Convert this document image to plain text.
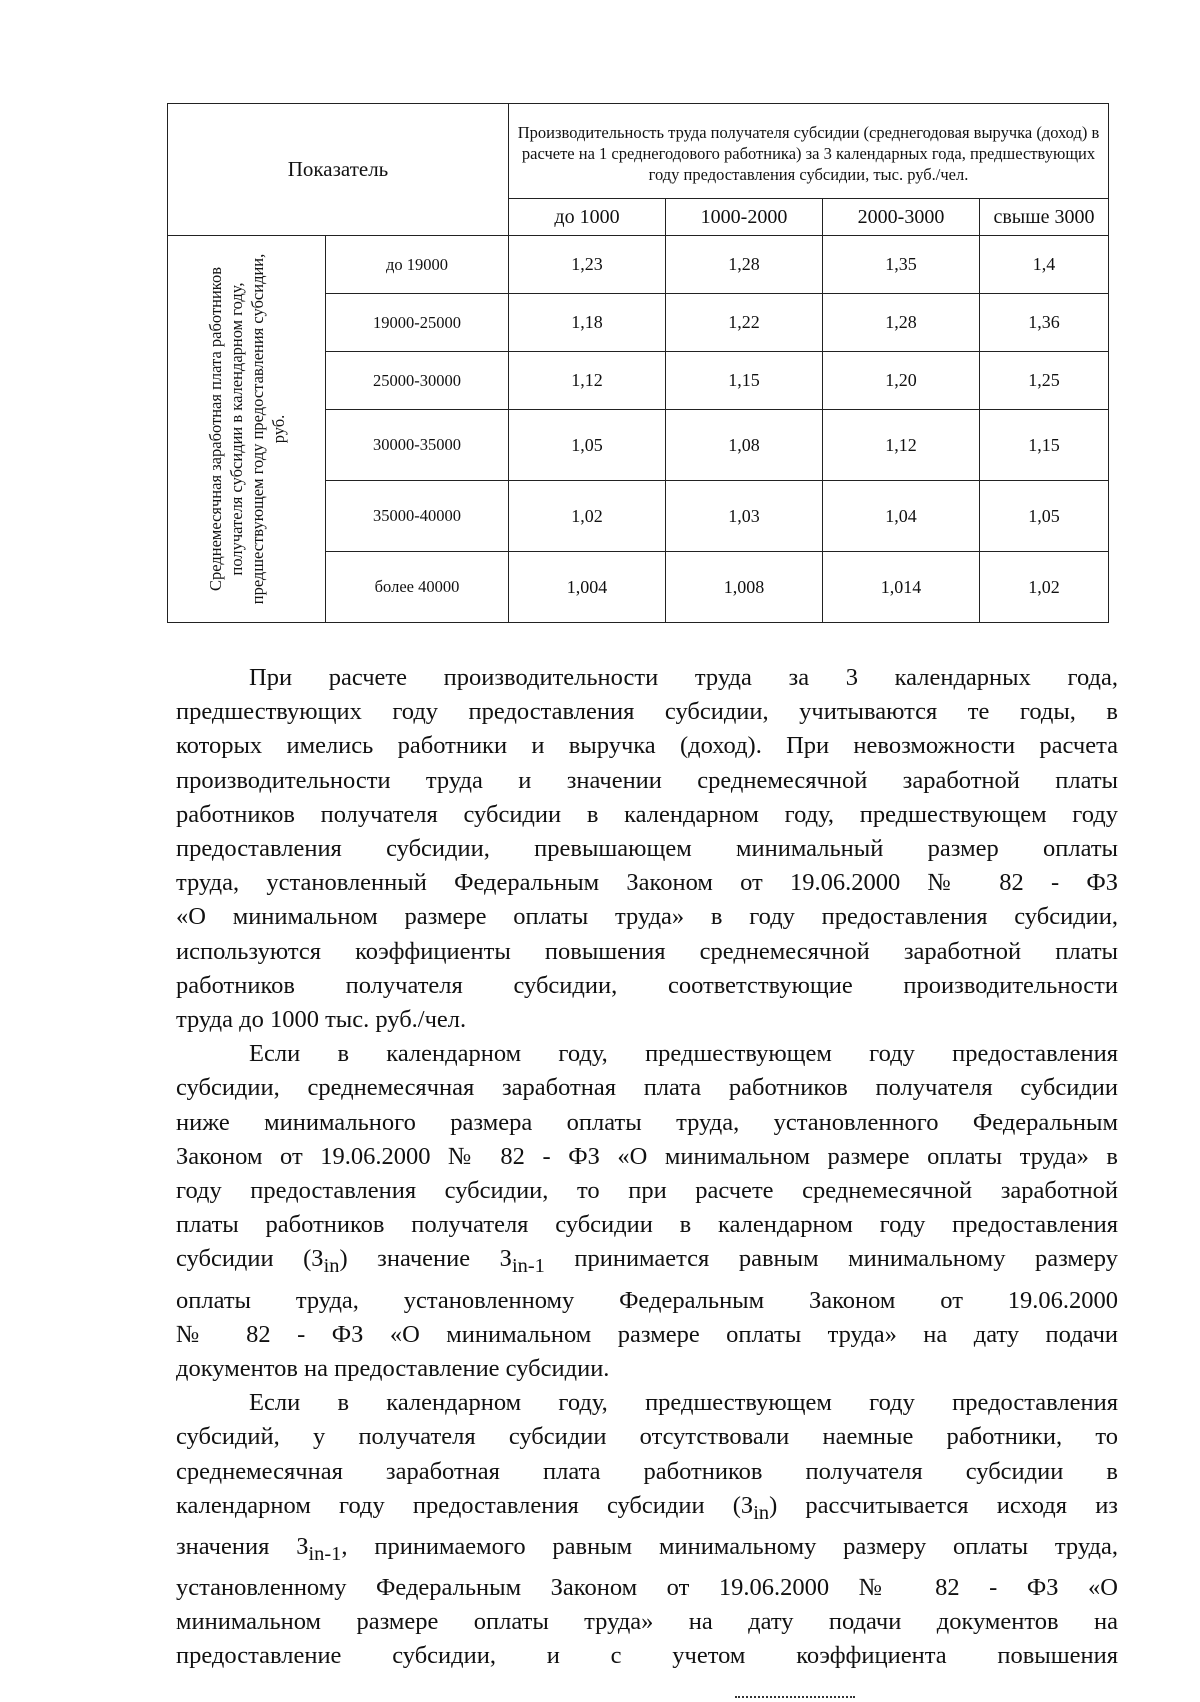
Показатель		Производительность труда получателя субсидии (среднегодовая выручка (доход) в расчете на 1 среднегодового работника) за 3 календарных года, предшествующих году предоставления субсидии, тыс. руб./чел.			
		до 1000	1000-2000	2000-3000	свыше 3000

Среднемесячная заработная плата работников получателя субсидии в календарном году, предшествующем году предоставления субсидии, руб.	до 19000	1,23	1,28	1,35	1,4
	19000-25000	1,18	1,22	1,28	1,36
	25000-30000	1,12	1,15	1,20	1,25
	30000-35000	1,05	1,08	1,12	1,15
	35000-40000	1,02	1,03	1,04	1,05
	более 40000	1,004	1,008	1,014	1,02
При расчете производительности труда за 3 календарных года,
предшествующих году предоставления субсидии, учитываются те годы, в
которых имелись работники и выручка (доход). При невозможности расчета
производительности труда и значении среднемесячной заработной платы
работников получателя субсидии в календарном году, предшествующем году
предоставления субсидии, превышающем минимальный размер оплаты
труда, установленный Федеральным Законом от 19.06.2000 № 82 - ФЗ
«О минимальном размере оплаты труда» в году предоставления субсидии,
используются коэффициенты повышения среднемесячной заработной платы
работников получателя субсидии, соответствующие производительности
труда до 1000 тыс. руб./чел.
Если в календарном году, предшествующем году предоставления
субсидии, среднемесячная заработная плата работников получателя субсидии
ниже минимального размера оплаты труда, установленного Федеральным
Законом от 19.06.2000 № 82 - ФЗ «О минимальном размере оплаты труда» в
году предоставления субсидии, то при расчете среднемесячной заработной
платы работников получателя субсидии в календарном году предоставления
субсидии $(З_{in})$ значение $З_{in-1}$ принимается равным минимальному размеру
оплаты труда, установленному Федеральным Законом от 19.06.2000
№ 82 - ФЗ «О минимальном размере оплаты труда» на дату подачи
документов на предоставление субсидии.
Если в календарном году, предшествующем году предоставления
субсидий, у получателя субсидии отсутствовали наемные работники, то
среднемесячная заработная плата работников получателя субсидии в
календарном году предоставления субсидии $(З_{in})$ рассчитывается исходя из
значения $З_{in-1}$, принимаемого равным минимальному размеру оплаты труда,
установленному Федеральным Законом от 19.06.2000 № 82 - ФЗ «О
минимальном размере оплаты труда» на дату подачи документов на
предоставление субсидии, и с учетом коэффициента повышения
